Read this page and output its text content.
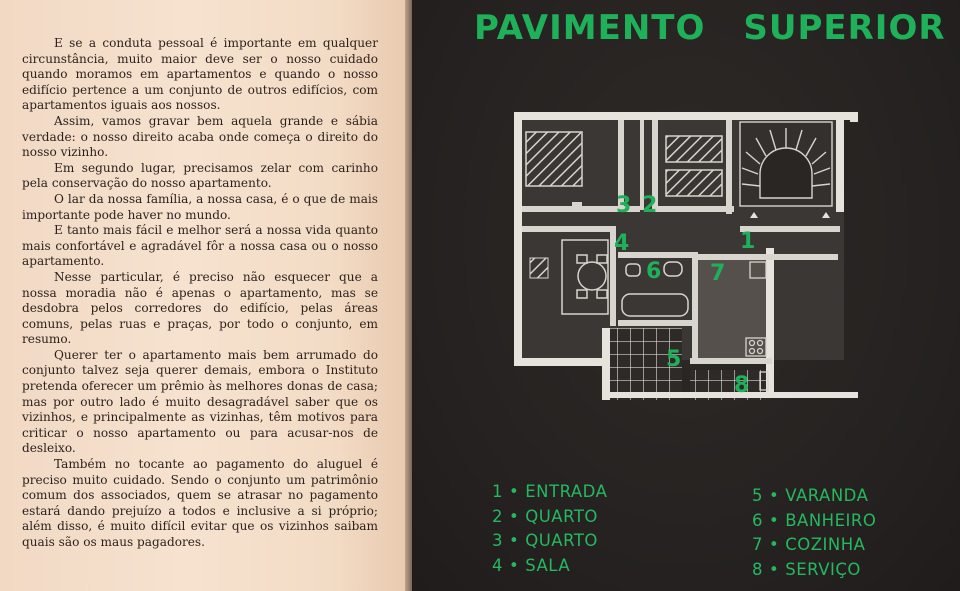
E se a conduta pessoal é importante em qualquer circunstância, muito maior deve ser o nosso cuidado quando moramos em apartamentos e quando o nosso edifício pertence a um conjunto de outros edifícios, com apartamentos iguais aos nossos.

Assim, vamos gravar bem aquela grande e sábia verdade: o nosso direito acaba onde começa o direito do nosso vizinho.

Em segundo lugar, precisamos zelar com carinho pela conservação do nosso apartamento.

O lar da nossa família, a nossa casa, é o que de mais importante pode haver no mundo.

E tanto mais fácil e melhor será a nossa vida quanto mais confortável e agradável fôr a nossa casa ou o nosso apartamento.

Nesse particular, é preciso não esquecer que a nossa moradia não é apenas o apartamento, mas se desdobra pelos corredores do edifício, pelas áreas comuns, pelas ruas e praças, por todo o conjunto, em resumo.

Querer ter o apartamento mais bem arrumado do conjunto talvez seja querer demais, embora o Instituto pretenda oferecer um prêmio às melhores donas de casa; mas por outro lado é muito desagradável saber que os vizinhos, e principalmente as vizinhas, têm motivos para criticar o nosso apartamento ou para acusar-nos de desleixo.

Também no tocante ao pagamento do aluguel é preciso muito cuidado. Sendo o conjunto um patrimônio comum dos associados, quem se atrasar no pagamento estará dando prejuízo a todos e inclusive a si próprio; além disso, é muito difícil evitar que os vizinhos saibam quais são os maus pagadores.

PAVIMENTO SUPERIOR
1
2
3
4
5
6 7
8
1 • ENTRADA
2 • QUARTO
3 • QUARTO
4 • SALA
5 • VARANDA
6 • BANHEIRO
7 • COZINHA
8 • SERVIÇO
